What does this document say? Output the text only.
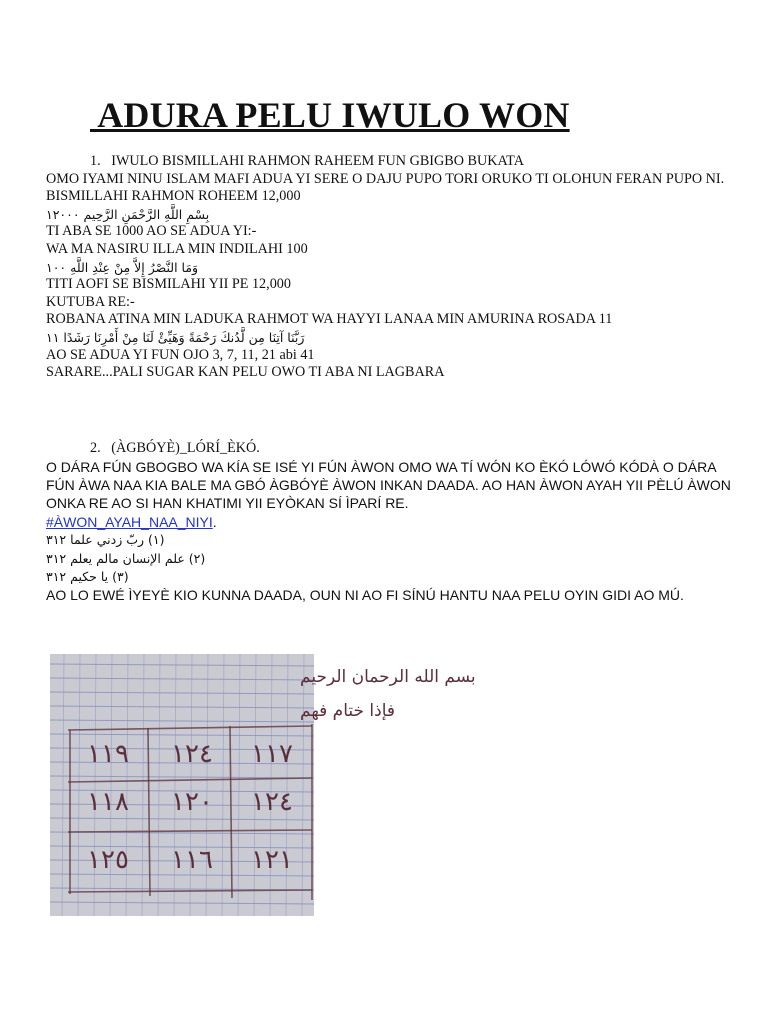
ADURA PELU IWULO WON
1.   IWULO BISMILLAHI RAHMON RAHEEM FUN GBIGBO BUKATA
OMO IYAMI NINU ISLAM MAFI ADUA YI SERE O DAJU PUPO TORI ORUKO TI OLOHUN FERAN PUPO NI.
BISMILLAHI RAHMON ROHEEM 12,000
بِسْمِ اللَّهِ الرَّحْمَنِ الرَّحِيم ١٢٠٠٠
TI ABA SE 1000 AO SE ADUA YI:-
WA MA NASIRU ILLA MIN INDILAHI 100
وَمَا النَّصْرُ إِلاَّ مِنْ عِنْدِ اللَّهِ ١٠٠
TITI AOFI SE BISMILAHI YII PE 12,000
KUTUBA RE:-
ROBANA ATINA MIN LADUKA RAHMOT WA HAYYI LANAA MIN AMURINA ROSADA 11
رَبَّنَا آتِنَا مِن لَّدُنكَ رَحْمَةً وَهَيِّئْ لَنَا مِنْ أَمْرِنَا رَشَدًا ١١
AO SE ADUA YI FUN OJO 3, 7, 11, 21 abi 41
SARARE...PALI SUGAR KAN PELU OWO TI ABA NI LAGBARA
2.   (ÀGBÓYÈ)_LÓRÍ_ÈKÓ.
O DÁRA FÚN GBOGBO WA KÍA SE ISÉ YI FÚN ÀWON OMO WA TÍ WÓN KO ÈKÓ LÓWÓ KÓDÀ O DÁRA FÚN ÀWA NAA KIA BALE MA GBÓ ÀGBÓYÈ ÀWON INKAN DAADA. AO HAN ÀWON AYAH YII PÈLÚ ÀWON ONKA RE AO SI HAN KHATIMI YII EYÒKAN SÍ ÌPARÍ RE.
#ÀWON_AYAH_NAA_NIYI.
(١) ربّ زدني علما ٣١٢
(٢) علم الإنسان مالم يعلم ٣١٢
(٣) يا حكيم ٣١٢
AO LO EWÉ ÌYEYÈ KIO KUNNA DAADA, OUN NI AO FI SÍNÚ HANTU NAA PELU OYIN GIDI AO MÚ.
بسم الله الرحمان الرحيم
فإذا ختام فهم
١١٩ ١٢٤ ١١٧
١١٨ ١٢٠ ١٢٤
١٢٥ ١١٦ ١٢١
